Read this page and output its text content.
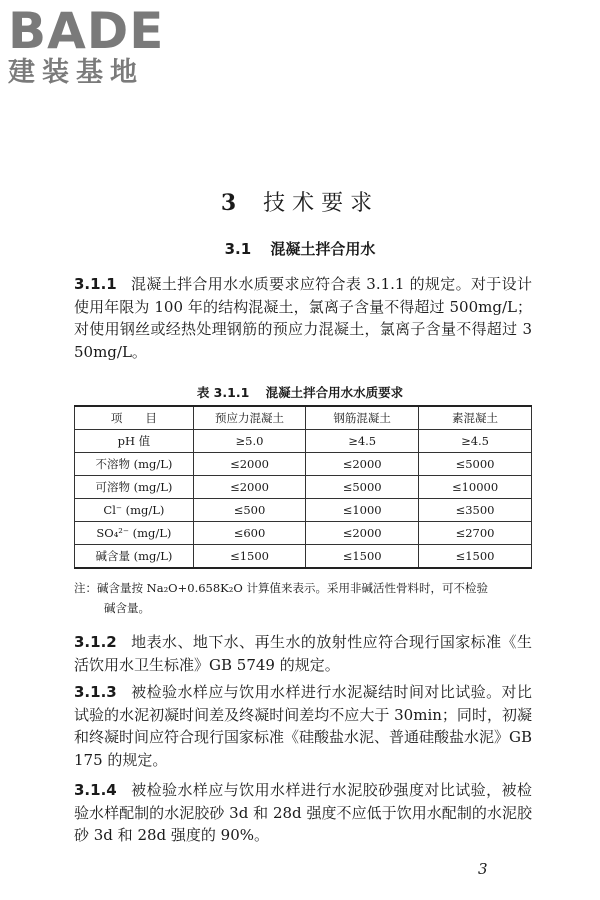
BADE
建装基地
3 技术要求
3.1 混凝土拌合用水
3.1.1 混凝土拌合用水水质要求应符合表 3.1.1 的规定。对于设计使用年限为 100 年的结构混凝土，氯离子含量不得超过 500mg/L；对使用钢丝或经热处理钢筋的预应力混凝土，氯离子含量不得超过 350mg/L。
表 3.1.1 混凝土拌合用水水质要求
项　　目	预应力混凝土	钢筋混凝土	素混凝土
pH 值	≥5.0	≥4.5	≥4.5
不溶物 (mg/L)	≤2000	≤2000	≤5000
可溶物 (mg/L)	≤2000	≤5000	≤10000
Cl⁻ (mg/L)	≤500	≤1000	≤3500
SO₄²⁻ (mg/L)	≤600	≤2000	≤2700
碱含量 (mg/L)	≤1500	≤1500	≤1500
注：碱含量按 Na₂O+0.658K₂O 计算值来表示。采用非碱活性骨料时，可不检验
碱含量。
3.1.2 地表水、地下水、再生水的放射性应符合现行国家标准《生活饮用水卫生标准》GB 5749 的规定。
3.1.3 被检验水样应与饮用水样进行水泥凝结时间对比试验。对比试验的水泥初凝时间差及终凝时间差均不应大于 30min；同时，初凝和终凝时间应符合现行国家标准《硅酸盐水泥、普通硅酸盐水泥》GB 175 的规定。
3.1.4 被检验水样应与饮用水样进行水泥胶砂强度对比试验，被检验水样配制的水泥胶砂 3d 和 28d 强度不应低于饮用水配制的水泥胶砂 3d 和 28d 强度的 90%。
3
